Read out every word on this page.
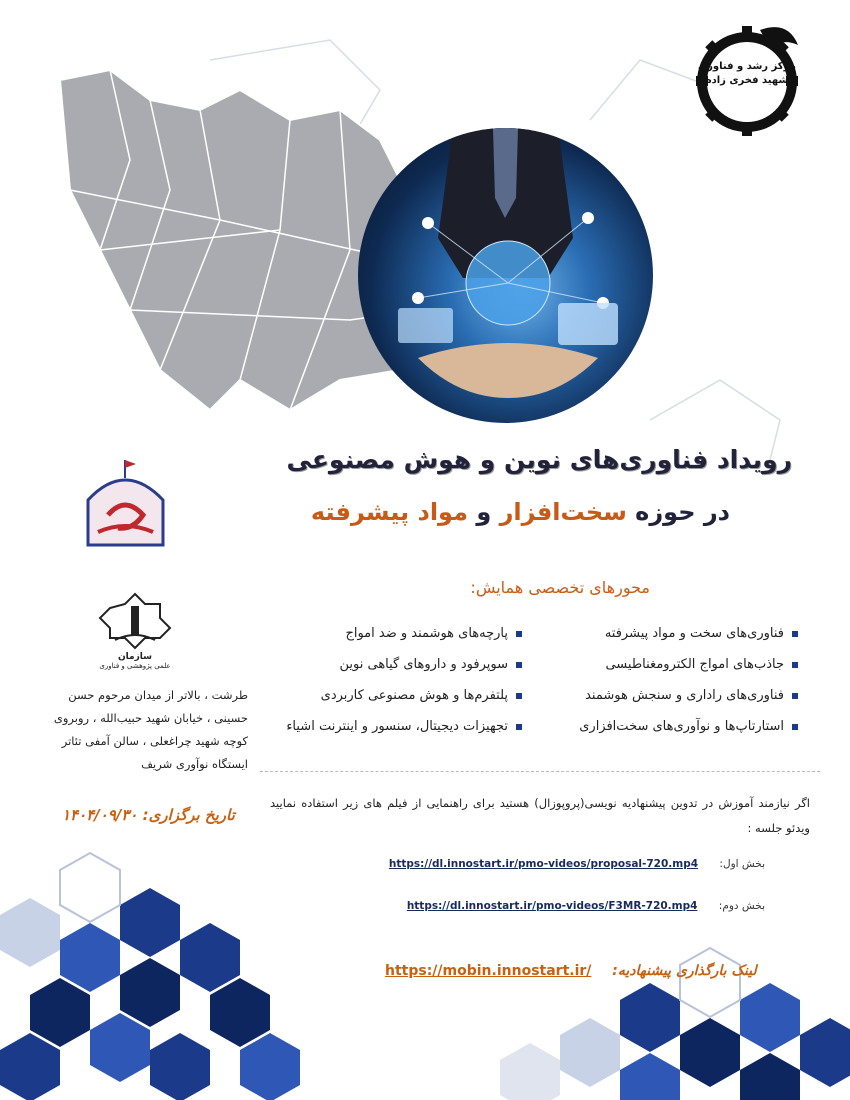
مرکز رشد و فناوری
شهید فخری زاده
رویداد فناوری‌های نوین و هوش مصنوعی
در حوزه سخت‌افزار و مواد پیشرفته
محورهای تخصصی همایش:
فناوری‌های سخت و مواد پیشرفته
جاذب‌های امواج الکترومغناطیسی
فناوری‌های راداری و سنجش هوشمند
استارتاپ‌ها و نوآوری‌های سخت‌افزاری
پارچه‌های هوشمند و ضد امواج
سوپرفود و داروهای گیاهی نوین
پلتفرم‌ها و هوش مصنوعی کاربردی
تجهیزات دیجیتال، سنسور و اینترنت اشیاء
سازمان
علمی پژوهشی و فناوری
طرشت ، بالاتر از میدان مرحوم حسن
حسینی ، خیابان شهید حبیب‌الله ، روبروی
کوچه شهید چراغعلی ، سالن آمفی تئاتر
ایستگاه نوآوری شریف
تاریخ برگزاری: ۱۴۰۴/۰۹/۳۰
اگر نیازمند آموزش در تدوین پیشنهادیه نویسی(پروپوزال) هستید برای راهنمایی از فیلم های زیر استفاده نمایید ویدئو جلسه :
بخش اول: https://dl.innostart.ir/pmo-videos/proposal-720.mp4
بخش دوم: https://dl.innostart.ir/pmo-videos/F3MR-720.mp4
لینک بارگذاری پیشنهادیه: https://mobin.innostart.ir/
